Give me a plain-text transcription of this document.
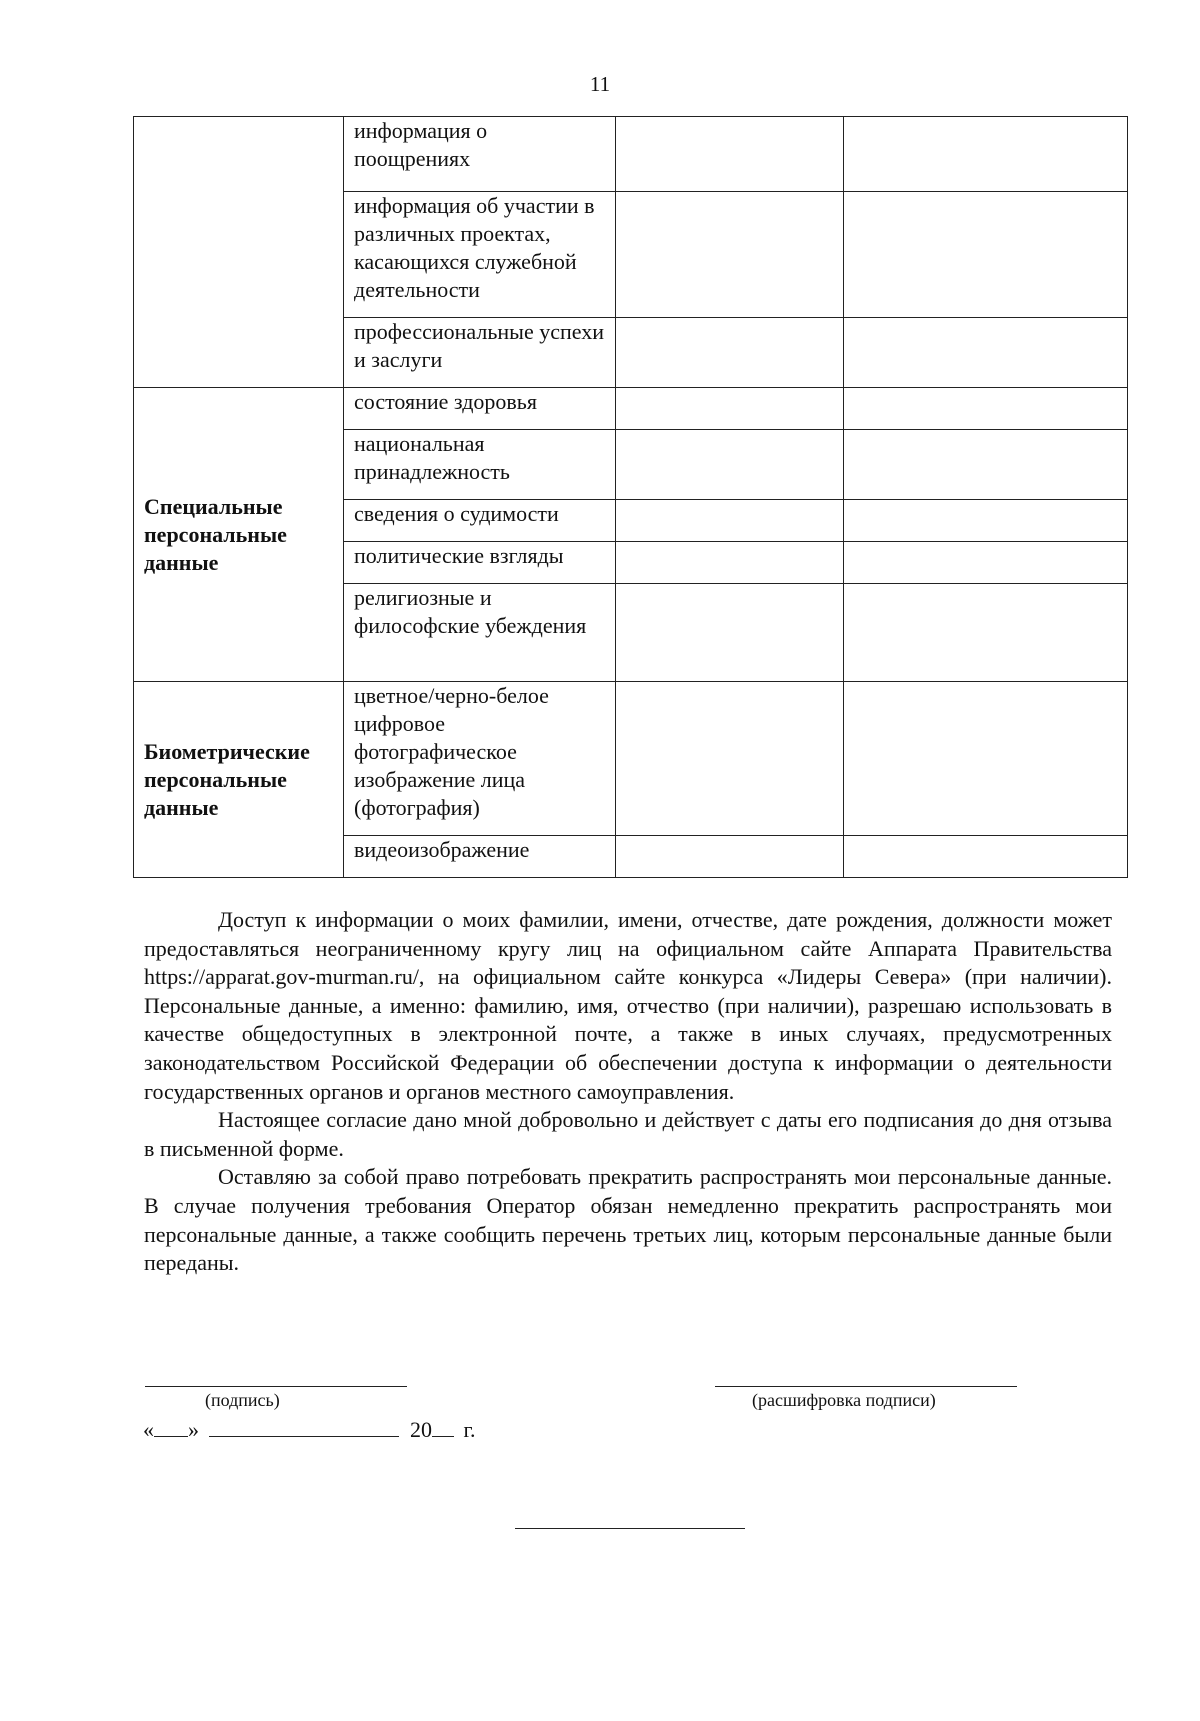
11
	информация о поощрениях		
	информация об участии в различных проектах, касающихся служебной деятельности		
	профессиональные успехи и заслуги		
Специальные персональные данные	состояние здоровья		
	национальная принадлежность		
	сведения о судимости		
	политические взгляды		
	религиозные и философские убеждения		
Биометрические персональные данные	цветное/черно-белое цифровое фотографическое изображение лица (фотография)		
	видеоизображение		

Доступ к информации о моих фамилии, имени, отчестве, дате рождения, должности может предоставляться неограниченному кругу лиц на официальном сайте Аппарата Правительства https://apparat.gov-murman.ru/, на официальном сайте конкурса «Лидеры Севера» (при наличии). Персональные данные, а именно: фамилию, имя, отчество (при наличии), разрешаю использовать в качестве общедоступных в электронной почте, а также в иных случаях, предусмотренных законодательством Российской Федерации об обеспечении доступа к информации о деятельности государственных органов и органов местного самоуправления.

Настоящее согласие дано мной добровольно и действует с даты его подписания до дня отзыва в письменной форме.

Оставляю за собой право потребовать прекратить распространять мои персональные данные. В случае получения требования Оператор обязан немедленно прекратить распространять мои персональные данные, а также сообщить перечень третьих лиц, которым персональные данные были переданы.

(подпись)	(расшифровка подписи)
« »	20 г.
